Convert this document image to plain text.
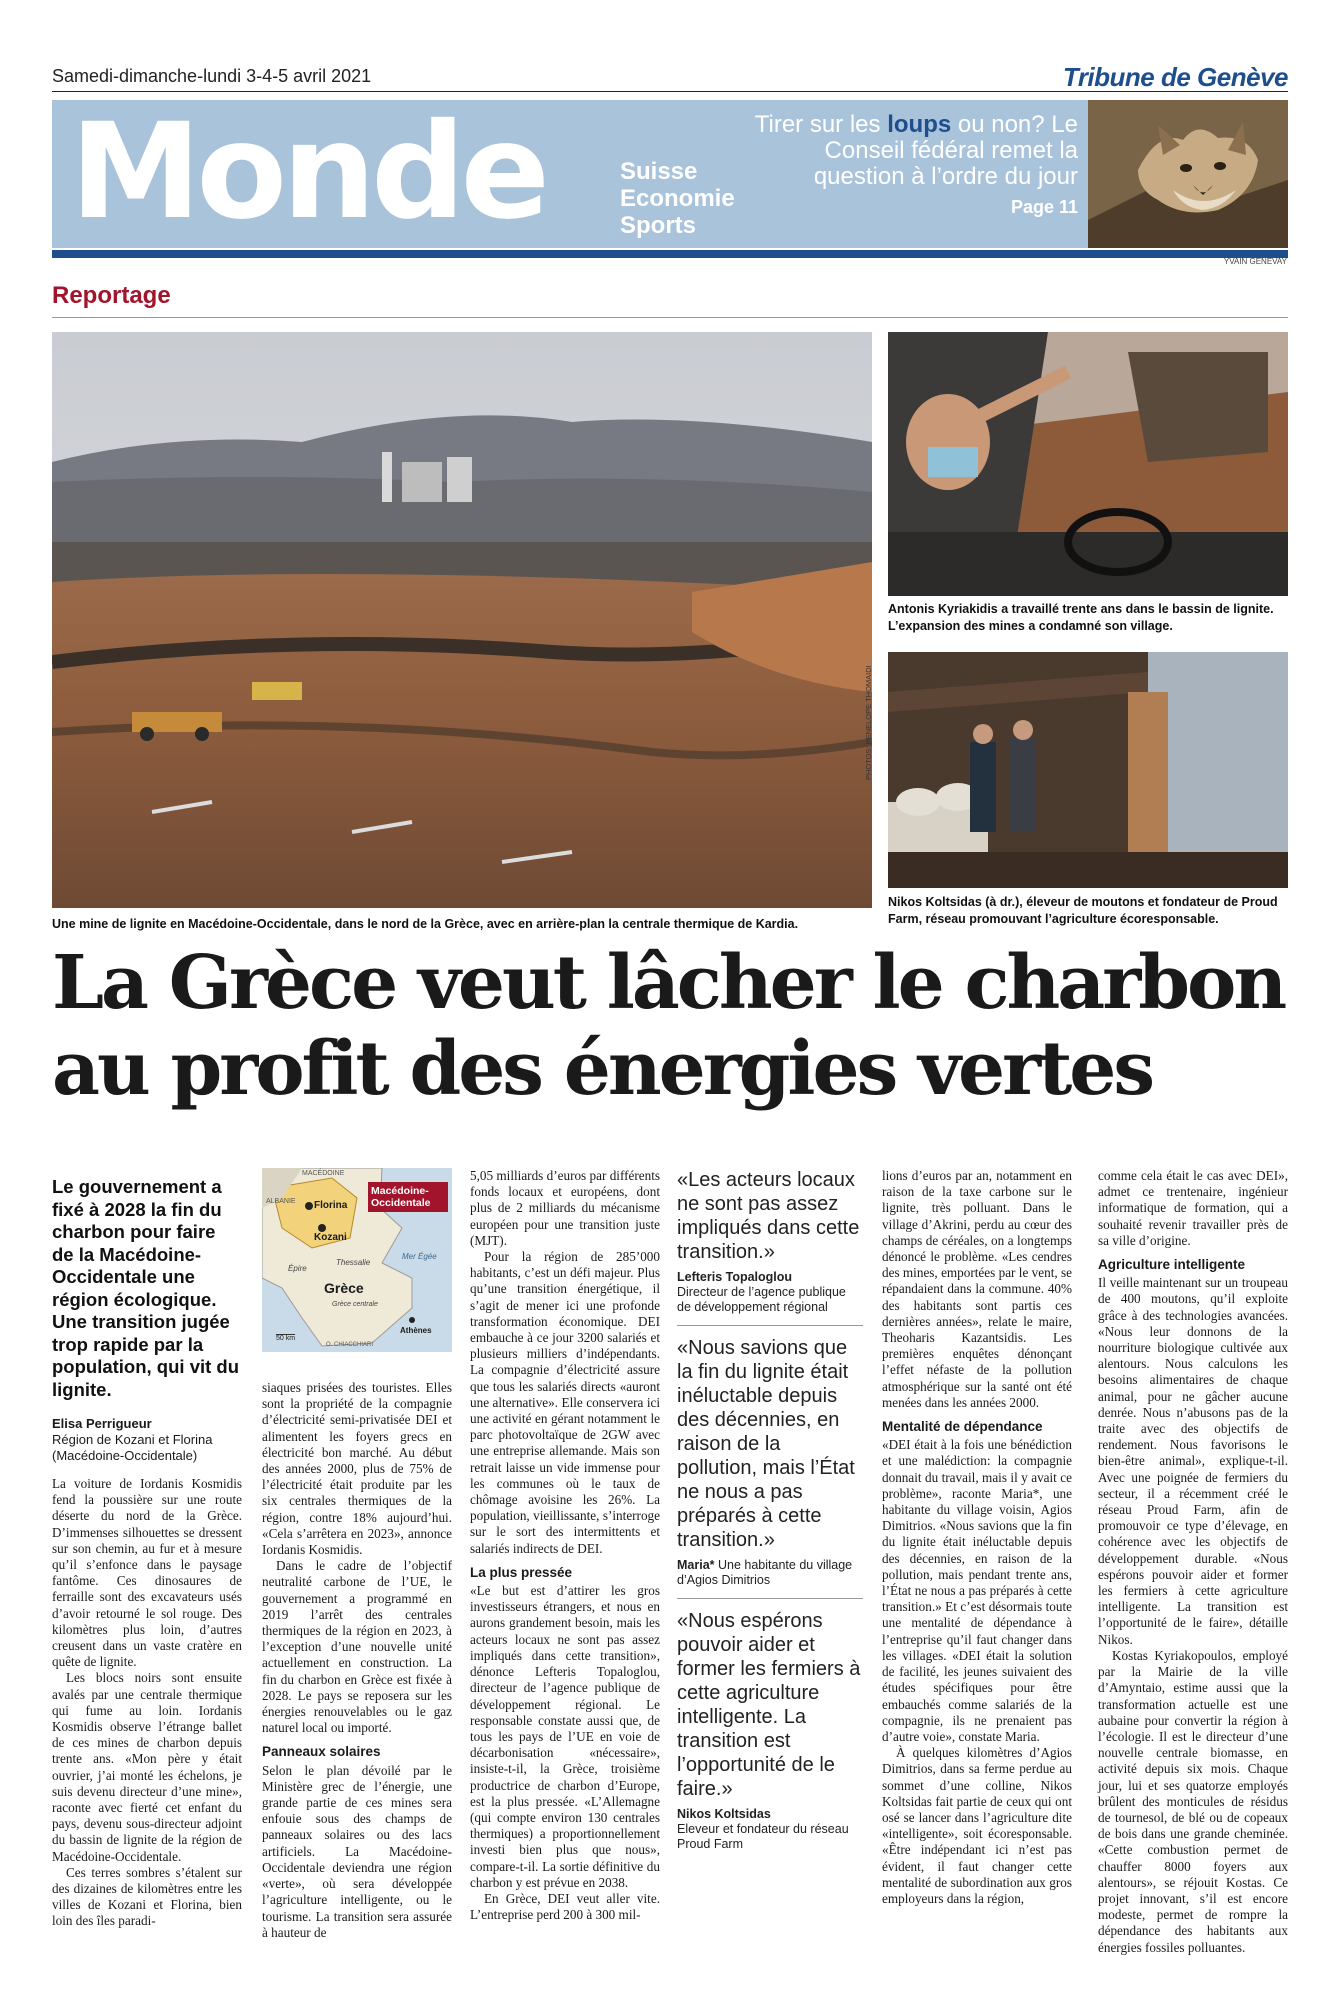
Samedi-dimanche-lundi 3-4-5 avril 2021	Tribune de Genève
Monde	Suisse
Economie
Sports
Tirer sur les loups ou non? Le Conseil fédéral remet la question à l’ordre du jour
Page 11
YVAIN GENEVAY
Reportage
Une mine de lignite en Macédoine-Occidentale, dans le nord de la Grèce, avec en arrière-plan la centrale thermique de Kardia.
PHOTOS: PENELOPE THOMAIDI
Antonis Kyriakidis a travaillé trente ans dans le bassin de lignite. L’expansion des mines a condamné son village.
Nikos Koltsidas (à dr.), éleveur de moutons et fondateur de Proud Farm, réseau promouvant l’agriculture écoresponsable.
La Grèce veut lâcher le charbon
au profit des énergies vertes
Le gouvernement a fixé à 2028 la fin du charbon pour faire de la Macédoine-Occidentale une région écologique. Une transition jugée trop rapide par la population, qui vit du lignite.
Elisa Perrigueur
Région de Kozani et Florina (Macédoine-Occidentale)

La voiture de Iordanis Kosmidis fend la poussière sur une route déserte du nord de la Grèce. D’immenses silhouettes se dressent sur son chemin, au fur et à mesure qu’il s’enfonce dans le paysage fantôme. Ces dinosaures de ferraille sont des excavateurs usés d’avoir retourné le sol rouge. Des kilomètres plus loin, d’autres creusent dans un vaste cratère en quête de lignite.

Les blocs noirs sont ensuite avalés par une centrale thermique qui fume au loin. Iordanis Kosmidis observe l’étrange ballet de ces mines de charbon depuis trente ans. «Mon père y était ouvrier, j’ai monté les échelons, je suis devenu directeur d’une mine», raconte avec fierté cet enfant du pays, devenu sous-directeur adjoint du bassin de lignite de la région de Macédoine-Occidentale.

Ces terres sombres s’étalent sur des dizaines de kilomètres entre les villes de Kozani et Florina, bien loin des îles paradi-

Macédoine-Occidentale
MACÉDOINE
ALBANIE Florina
Kozani
Épire
Thessalie
Mer Égée
Grèce
Grèce centrale
Athènes
50 km
O. CHIACCHIARI

siaques prisées des touristes. Elles sont la propriété de la compagnie d’électricité semi-privatisée DEI et alimentent les foyers grecs en électricité bon marché. Au début des années 2000, plus de 75% de l’électricité était produite par les six centrales thermiques de la région, contre 18% aujourd’hui. «Cela s’arrêtera en 2023», annonce Iordanis Kosmidis.

Dans le cadre de l’objectif neutralité carbone de l’UE, le gouvernement a programmé en 2019 l’arrêt des centrales thermiques de la région en 2023, à l’exception d’une nouvelle unité actuellement en construction. La fin du charbon en Grèce est fixée à 2028. Le pays se reposera sur les énergies renouvelables ou le gaz naturel local ou importé.

Panneaux solaires

Selon le plan dévoilé par le Ministère grec de l’énergie, une grande partie de ces mines sera enfouie sous des champs de panneaux solaires ou des lacs artificiels. La Macédoine-Occidentale deviendra une région «verte», où sera développée l’agriculture intelligente, ou le tourisme. La transition sera assurée à hauteur de

5,05 milliards d’euros par différents fonds locaux et européens, dont plus de 2 milliards du mécanisme européen pour une transition juste (MJT).

Pour la région de 285’000 habitants, c’est un défi majeur. Plus qu’une transition énergétique, il s’agit de mener ici une profonde transformation économique. DEI embauche à ce jour 3200 salariés et plusieurs milliers d’indépendants. La compagnie d’électricité assure que tous les salariés directs «auront une alternative». Elle conservera ici une activité en gérant notamment le parc photovoltaïque de 2GW avec une entreprise allemande. Mais son retrait laisse un vide immense pour les communes où le taux de chômage avoisine les 26%. La population, vieillissante, s’interroge sur le sort des intermittents et salariés indirects de DEI.

La plus pressée

«Le but est d’attirer les gros investisseurs étrangers, et nous en aurons grandement besoin, mais les acteurs locaux ne sont pas assez impliqués dans cette transition», dénonce Lefteris Topaloglou, directeur de l’agence publique de développement régional. Le responsable constate aussi que, de tous les pays de l’UE en voie de décarbonisation «nécessaire», insiste-t-il, la Grèce, troisième productrice de charbon d’Europe, est la plus pressée. «L’Allemagne (qui compte environ 130 centrales thermiques) a proportionnellement investi bien plus que nous», compare-t-il. La sortie définitive du charbon y est prévue en 2038.

En Grèce, DEI veut aller vite. L’entreprise perd 200 à 300 mil-

«Les acteurs locaux ne sont pas assez impliqués dans cette transition.»
Lefteris Topaloglou
Directeur de l’agence publique de développement régional
«Nous savions que la fin du lignite était inéluctable depuis des décennies, en raison de la pollution, mais l’État ne nous a pas préparés à cette transition.»
Maria* Une habitante du village d’Agios Dimitrios
«Nous espérons pouvoir aider et former les fermiers à cette agriculture intelligente. La transition est l’opportunité de le faire.»
Nikos Koltsidas
Eleveur et fondateur du réseau Proud Farm

lions d’euros par an, notamment en raison de la taxe carbone sur le lignite, très polluant. Dans le village d’Akrini, perdu au cœur des champs de céréales, on a longtemps dénoncé le problème. «Les cendres des mines, emportées par le vent, se répandaient dans la commune. 40% des habitants sont partis ces dernières années», relate le maire, Theoharis Kazantsidis. Les premières enquêtes dénonçant l’effet néfaste de la pollution atmosphérique sur la santé ont été menées dans les années 2000.

Mentalité de dépendance

«DEI était à la fois une bénédiction et une malédiction: la compagnie donnait du travail, mais il y avait ce problème», raconte Maria*, une habitante du village voisin, Agios Dimitrios. «Nous savions que la fin du lignite était inéluctable depuis des décennies, en raison de la pollution, mais pendant trente ans, l’État ne nous a pas préparés à cette transition.» Et c’est désormais toute une mentalité de dépendance à l’entreprise qu’il faut changer dans les villages. «DEI était la solution de facilité, les jeunes suivaient des études spécifiques pour être embauchés comme salariés de la compagnie, ils ne prenaient pas d’autre voie», constate Maria.

À quelques kilomètres d’Agios Dimitrios, dans sa ferme perdue au sommet d’une colline, Nikos Koltsidas fait partie de ceux qui ont osé se lancer dans l’agriculture dite «intelligente», soit écoresponsable. «Être indépendant ici n’est pas évident, il faut changer cette mentalité de subordination aux gros employeurs dans la région,

comme cela était le cas avec DEI», admet ce trentenaire, ingénieur informatique de formation, qui a souhaité revenir travailler près de sa ville d’origine.

Agriculture intelligente

Il veille maintenant sur un troupeau de 400 moutons, qu’il exploite grâce à des technologies avancées. «Nous leur donnons de la nourriture biologique cultivée aux alentours. Nous calculons les besoins alimentaires de chaque animal, pour ne gâcher aucune denrée. Nous n’abusons pas de la traite avec des objectifs de rendement. Nous favorisons le bien-être animal», explique-t-il. Avec une poignée de fermiers du secteur, il a récemment créé le réseau Proud Farm, afin de promouvoir ce type d’élevage, en cohérence avec les objectifs de développement durable. «Nous espérons pouvoir aider et former les fermiers à cette agriculture intelligente. La transition est l’opportunité de le faire», détaille Nikos.

Kostas Kyriakopoulos, employé par la Mairie de la ville d’Amyntaio, estime aussi que la transformation actuelle est une aubaine pour convertir la région à l’écologie. Il est le directeur d’une nouvelle centrale biomasse, en activité depuis six mois. Chaque jour, lui et ses quatorze employés brûlent des monticules de résidus de tournesol, de blé ou de copeaux de bois dans une grande cheminée. «Cette combustion permet de chauffer 8000 foyers aux alentours», se réjouit Kostas. Ce projet innovant, s’il est encore modeste, permet de rompre la dépendance des habitants aux énergies fossiles polluantes.
